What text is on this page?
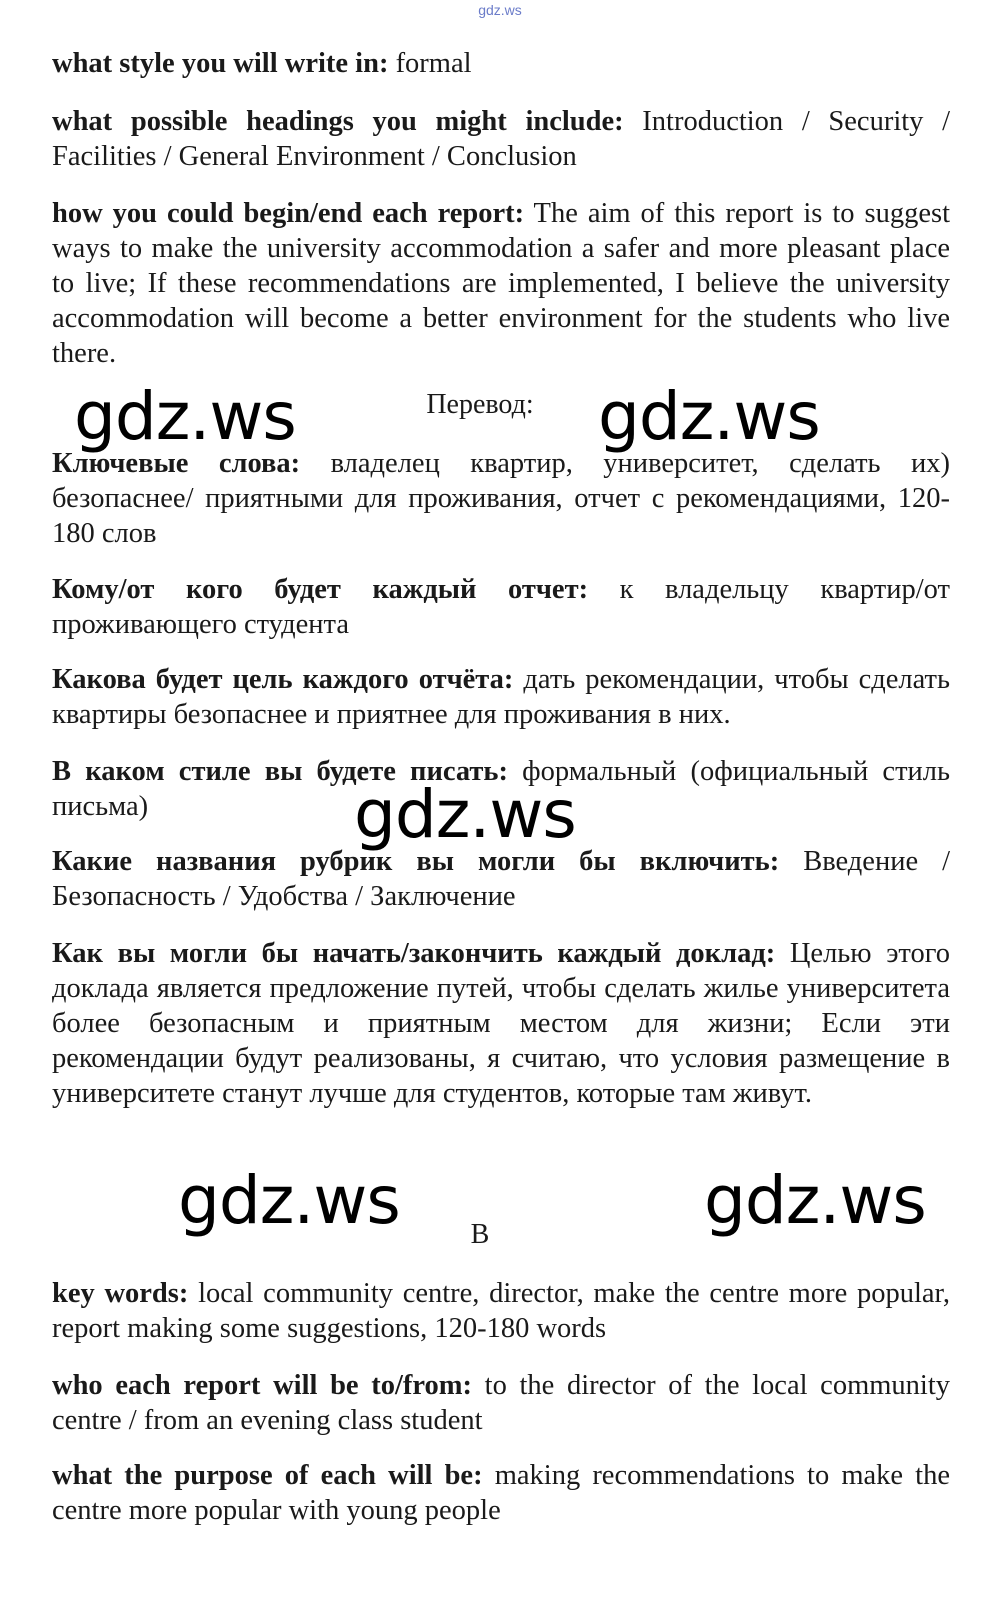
gdz.ws
what style you will write in: formal
what possible headings you might include: Introduction / Security / Facilities / General Environment / Conclusion
how you could begin/end each report: The aim of this report is to suggest ways to make the university accommodation a safer and more pleasant place to live; If these recommendations are implemented, I believe the university accommodation will become a better environment for the students who live there.
Перевод:
Ключевые слова: владелец квартир, университет, сделать их) безопаснее/ приятными для проживания, отчет с рекомендациями, 120-180 слов
Кому/от кого будет каждый отчет: к владельцу квартир/от проживающего студента
Какова будет цель каждого отчёта: дать рекомендации, чтобы сделать квартиры безопаснее и приятнее для проживания в них.
В каком стиле вы будете писать: формальный (официальный стиль письма)
Какие названия рубрик вы могли бы включить: Введение / Безопасность / Удобства / Заключение
Как вы могли бы начать/закончить каждый доклад: Целью этого доклада является предложение путей, чтобы сделать жилье университета более безопасным и приятным местом для жизни; Если эти рекомендации будут реализованы, я считаю, что условия размещение в университете станут лучше для студентов, которые там живут.
B
key words: local community centre, director, make the centre more popular, report making some suggestions, 120-180 words
who each report will be to/from: to the director of the local community centre / from an evening class student
what the purpose of each will be: making recommendations to make the centre more popular with young people
gdz.ws	gdz.ws
gdz.ws
gdz.ws	gdz.ws
